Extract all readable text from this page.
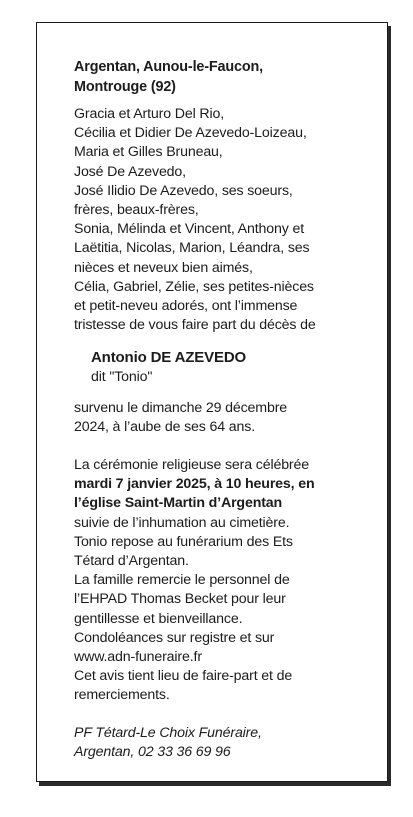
Argentan, Aunou-le-Faucon,
Montrouge (92)
Gracia et Arturo Del Rio,
Cécilia et Didier De Azevedo-Loizeau,
Maria et Gilles Bruneau,
José De Azevedo,
José Ilidio De Azevedo, ses soeurs,
frères, beaux-frères,
Sonia, Mélinda et Vincent, Anthony et
Laëtitia, Nicolas, Marion, Léandra, ses
nièces et neveux bien aimés,
Célia, Gabriel, Zélie, ses petites-nièces
et petit-neveu adorés, ont l’immense
tristesse de vous faire part du décès de
Antonio DE AZEVEDO
dit "Tonio"
survenu le dimanche 29 décembre
2024, à l’aube de ses 64 ans.
La cérémonie religieuse sera célébrée
mardi 7 janvier 2025, à 10 heures, en
l’église Saint-Martin d’Argentan
suivie de l’inhumation au cimetière.
Tonio repose au funérarium des Ets
Tétard d’Argentan.
La famille remercie le personnel de
l’EHPAD Thomas Becket pour leur
gentillesse et bienveillance.
Condoléances sur registre et sur
www.adn-funeraire.fr
Cet avis tient lieu de faire-part et de
remerciements.
PF Tétard-Le Choix Funéraire,
Argentan, 02 33 36 69 96
